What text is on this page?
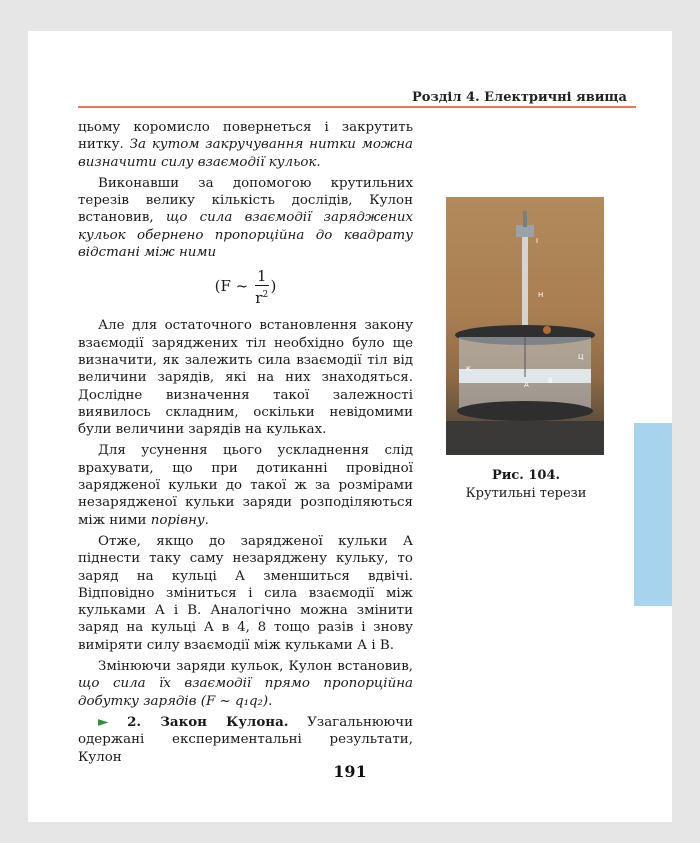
Розділ 4. Електричні явища

цьому коромисло повернеться і закрутить нитку. За кутом закручування нитки можна визначити силу взаємодії кульок.

Виконавши за допомогою крутильних терезів велику кількість дослідів, Кулон встановив, що сила взаємодії заряджених кульок обернено пропорційна до квадрату відстані між ними

(F ~ $\frac{1}{r^2}$ )

Але для остаточного встановлення закону взаємодії заряджених тіл необхідно було ще визначити, як залежить сила взаємодії тіл від величини зарядів, які на них знаходяться. Дослідне визначення такої залежності виявилось складним, оскільки невідомими були величини зарядів на кульках.

Для усунення цього ускладнення слід врахувати, що при дотиканні провідної зарядженої кульки до такої ж за розмірами незарядженої кульки заряди розподіляються між ними порівну.

Отже, якщо до зарядженої кульки А піднести таку саму незаряджену кульку, то заряд на кульці А зменшиться вдвічі. Відповідно зміниться і сила взаємодії між кульками А і В. Аналогічно можна змінити заряд на кульці А в 4, 8 тощо разів і знову виміряти силу взаємодії між кульками А і В.

Змінюючи заряди кульок, Кулон встановив, що сила їх взаємодії прямо пропорційна добутку зарядів (F ~ q₁q₂).

► 2. Закон Кулона. Узагальнюючи одержані експериментальні результати, Кулон

І
Н
Ц
К
А	В
Рис. 104.
Крутильні терези
191
